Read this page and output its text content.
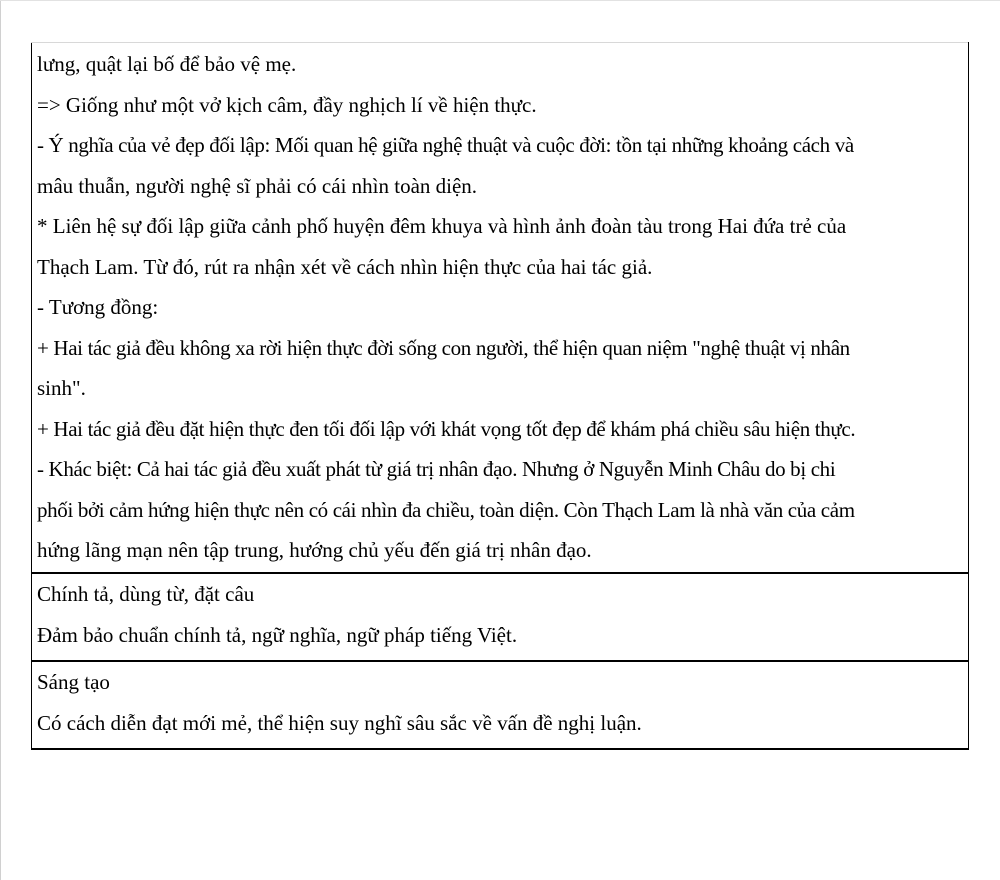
lưng, quật lại bố để bảo vệ mẹ.
=> Giống như một vở kịch câm, đầy nghịch lí về hiện thực.
- Ý nghĩa của vẻ đẹp đối lập: Mối quan hệ giữa nghệ thuật và cuộc đời: tồn tại những khoảng cách và
mâu thuẫn, người nghệ sĩ phải có cái nhìn toàn diện.
* Liên hệ sự đối lập giữa cảnh phố huyện đêm khuya và hình ảnh đoàn tàu trong Hai đứa trẻ của
Thạch Lam. Từ đó, rút ra nhận xét về cách nhìn hiện thực của hai tác giả.
- Tương đồng:
+ Hai tác giả đều không xa rời hiện thực đời sống con người, thể hiện quan niệm "nghệ thuật vị nhân
sinh".
+ Hai tác giả đều đặt hiện thực đen tối đối lập với khát vọng tốt đẹp để khám phá chiều sâu hiện thực.
- Khác biệt: Cả hai tác giả đều xuất phát từ giá trị nhân đạo. Nhưng ở Nguyễn Minh Châu do bị chi
phối bởi cảm hứng hiện thực nên có cái nhìn đa chiều, toàn diện. Còn Thạch Lam là nhà văn của cảm
hứng lãng mạn nên tập trung, hướng chủ yếu đến giá trị nhân đạo.

Chính tả, dùng từ, đặt câu
Đảm bảo chuẩn chính tả, ngữ nghĩa, ngữ pháp tiếng Việt.

Sáng tạo
Có cách diễn đạt mới mẻ, thể hiện suy nghĩ sâu sắc về vấn đề nghị luận.
